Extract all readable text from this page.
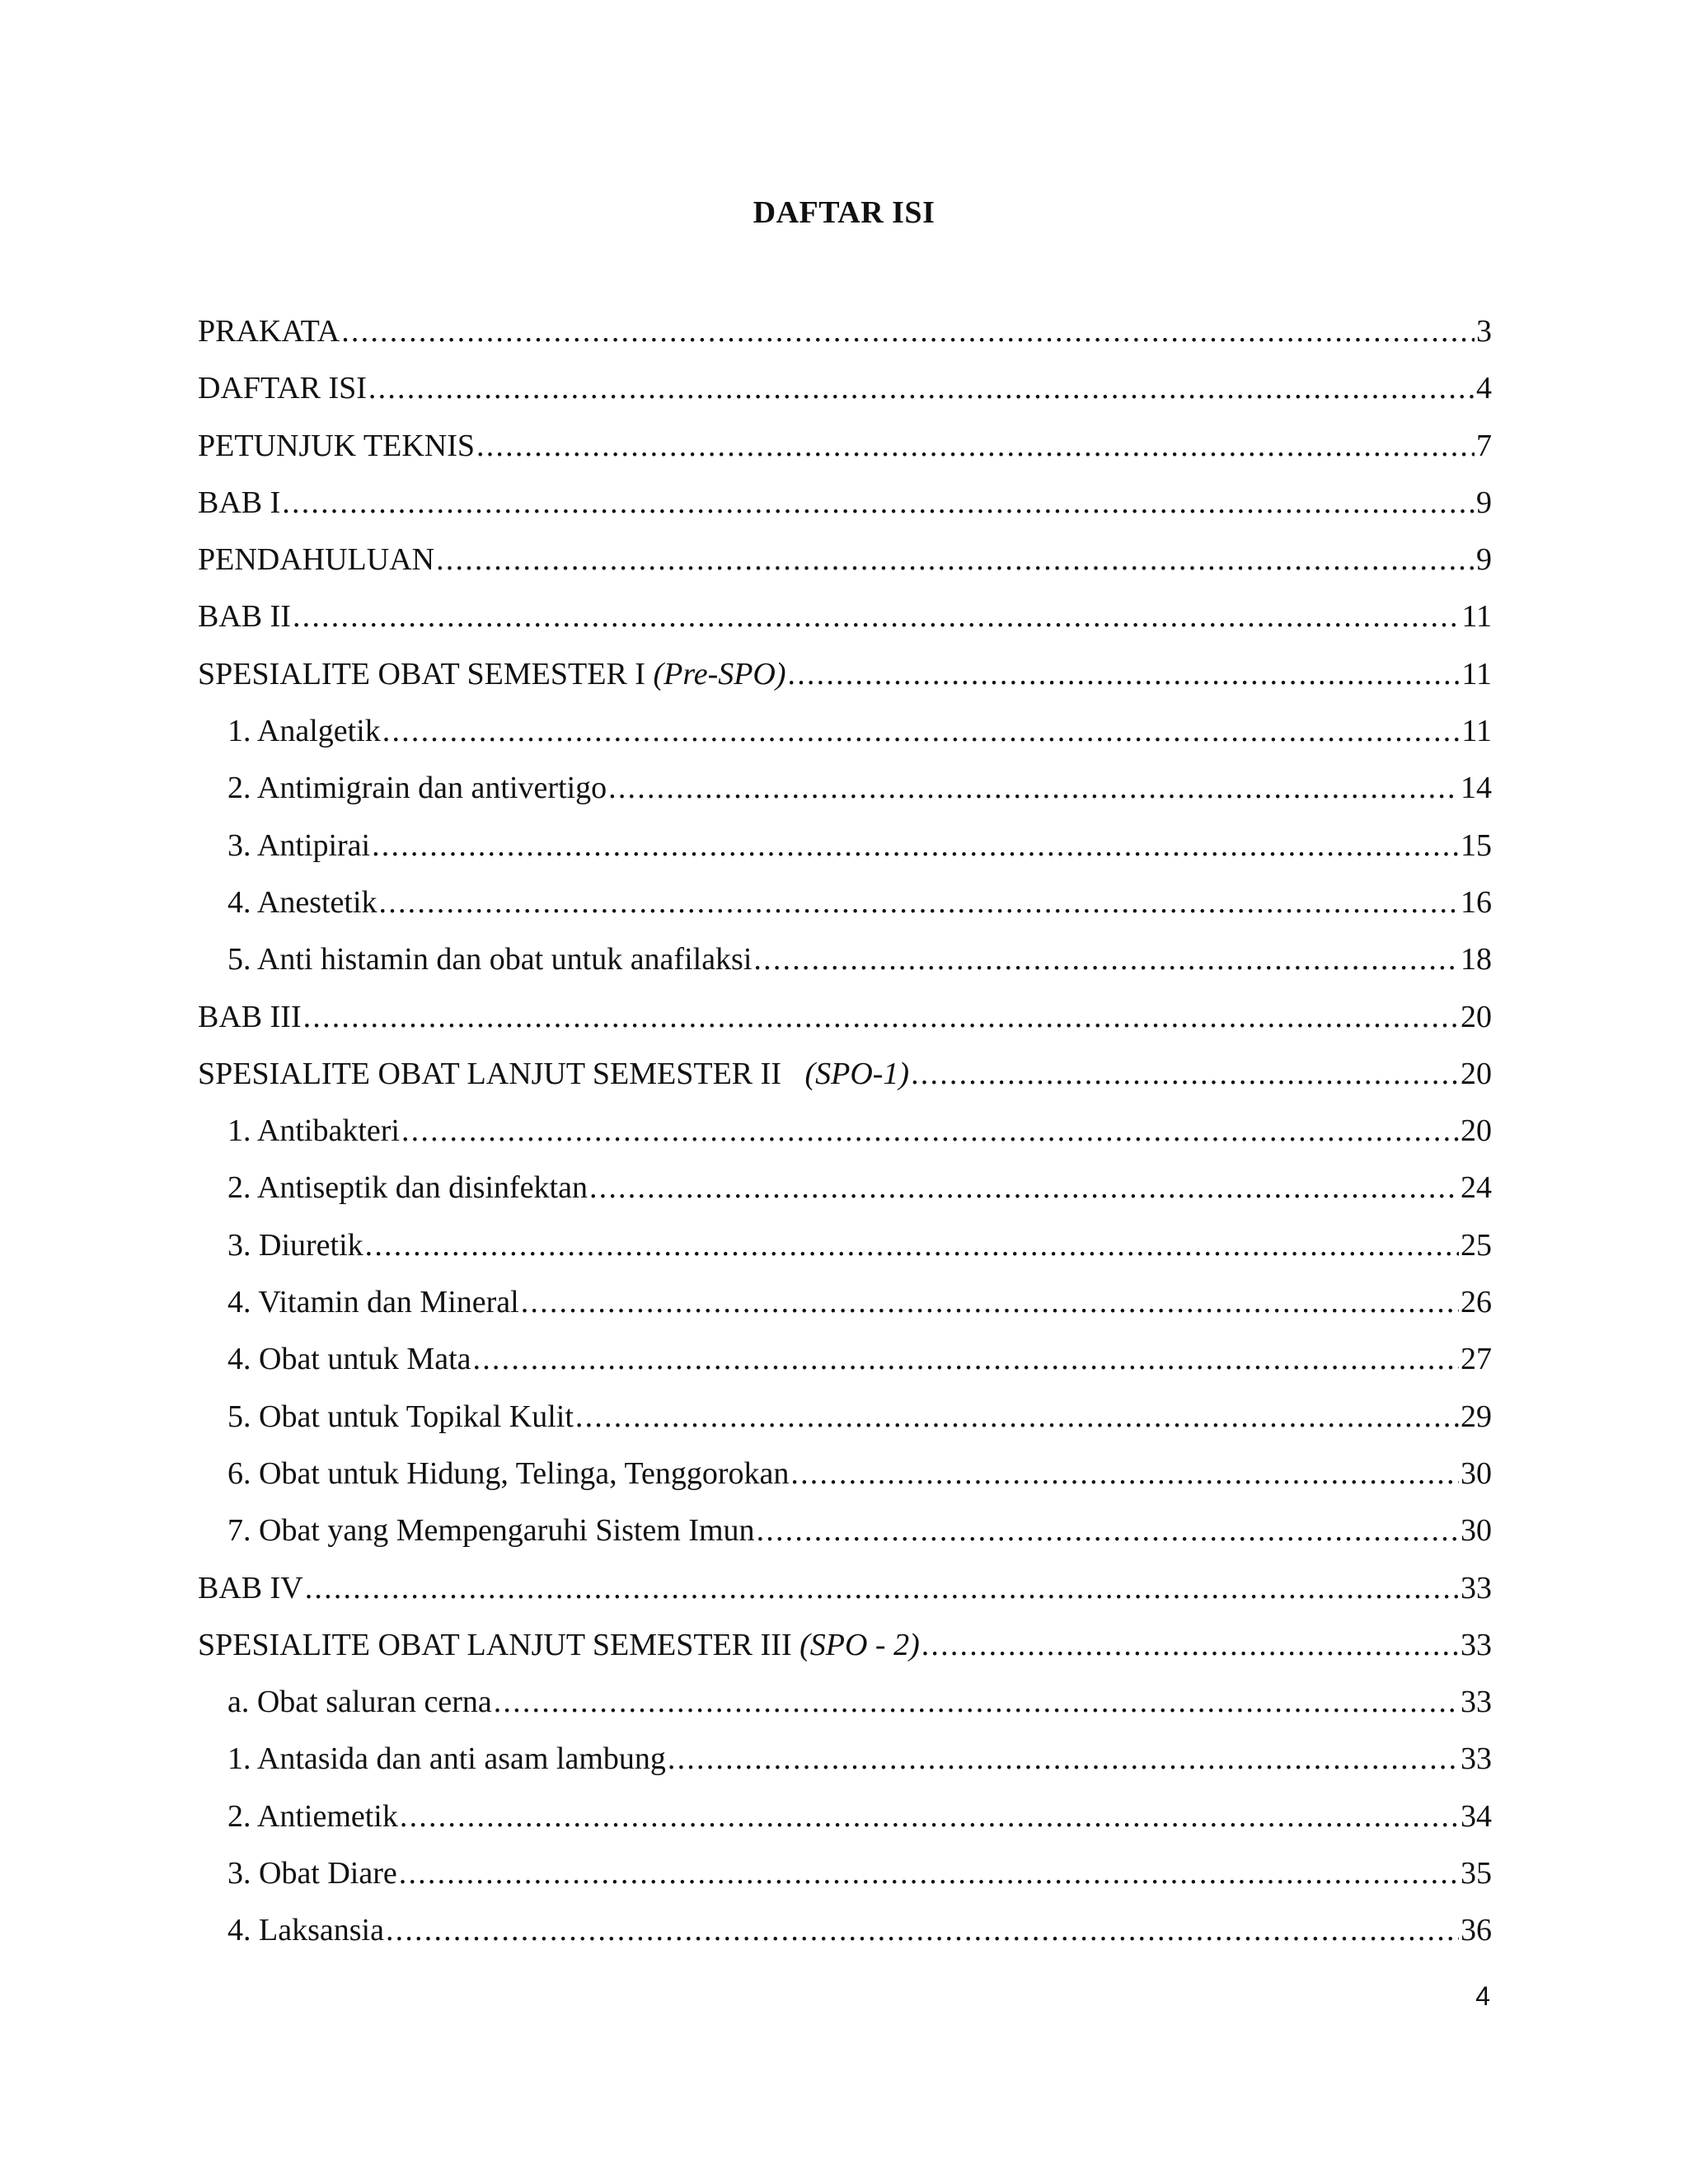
DAFTAR ISI
PRAKATA .....	3
DAFTAR ISI .....	4
PETUNJUK TEKNIS .....	7
BAB I .....	9
PENDAHULUAN .....	9
BAB II .....	11
SPESIALITE OBAT SEMESTER I (Pre-SPO) .....	11
1. Analgetik .....	11
2. Antimigrain dan antivertigo .....	14
3. Antipirai .....	15
4. Anestetik .....	16
5. Anti histamin dan obat untuk anafilaksi .....	18
BAB III .....	20
SPESIALITE OBAT LANJUT SEMESTER II   (SPO-1) .....	20
1. Antibakteri .....	20
2. Antiseptik dan disinfektan .....	24
3. Diuretik .....	25
4. Vitamin dan Mineral .....	26
4. Obat untuk Mata .....	27
5. Obat untuk Topikal Kulit .....	29
6. Obat untuk Hidung, Telinga, Tenggorokan .....	30
7. Obat yang Mempengaruhi Sistem Imun .....	30
BAB IV .....	33
SPESIALITE OBAT LANJUT SEMESTER III (SPO - 2) .....	33
a. Obat saluran cerna .....	33
1. Antasida dan anti asam lambung .....	33
2. Antiemetik .....	34
3. Obat Diare .....	35
4. Laksansia .....	36
4
